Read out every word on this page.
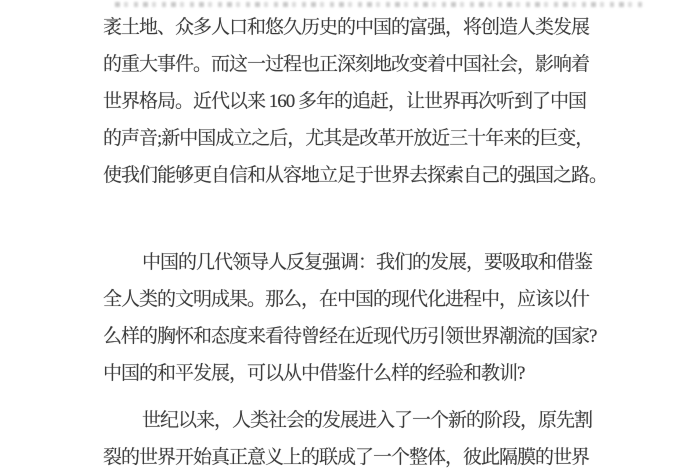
袤土地、众多人口和悠久历史的中国的富强，将创造人类发展
的重大事件。而这一过程也正深刻地改变着中国社会，影响着
世界格局。近代以来 160 多年的追赶，让世界再次听到了中国
的声音;新中国成立之后，尤其是改革开放近三十年来的巨变，
使我们能够更自信和从容地立足于世界去探索自己的强国之路。
中国的几代领导人反复强调：我们的发展，要吸取和借鉴
全人类的文明成果。那么，在中国的现代化进程中，应该以什
么样的胸怀和态度来看待曾经在近现代历引领世界潮流的国家?
中国的和平发展，可以从中借鉴什么样的经验和教训?
世纪以来，人类社会的发展进入了一个新的阶段，原先割
裂的世界开始真正意义上的联成了一个整体，彼此隔膜的世界
